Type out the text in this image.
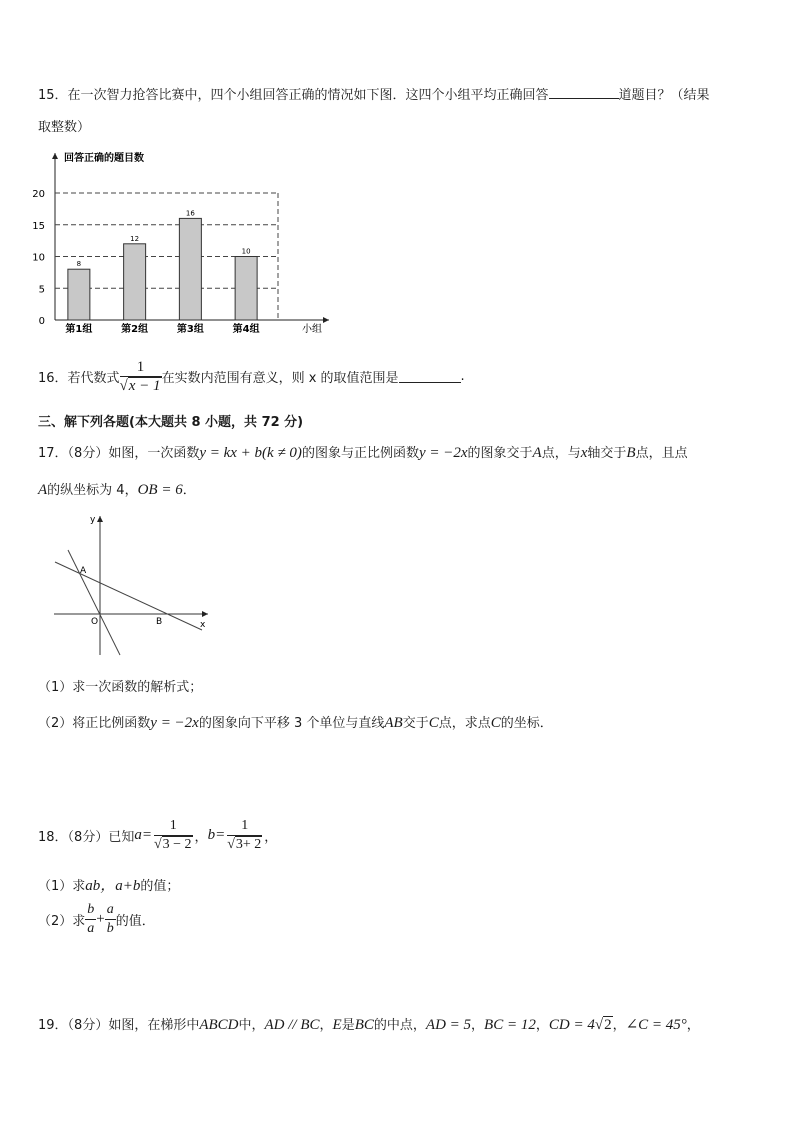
15．在一次智力抢答比赛中，四个小组回答正确的情况如下图．这四个小组平均正确回答	道题目？（结果
取整数）
回答正确的题目数
0
5
10
15
20
8
12
16
10
第1组	第2组	第3组	第4组	小组
16．若代数式 $\frac{1}{√x - 1}$ 在实数内范围有意义，则 x 的取值范围是	.
三、解下列各题(本大题共 8 小题，共 72 分)
17．（8分）如图，一次函数y = kx + b(k ≠ 0)的图象与正比例函数y = −2x的图象交于A点，与x轴交于B点，且点
A的纵坐标为 4，OB = 6．
y
x
A
O	B
（1）求一次函数的解析式；
（2）将正比例函数y = −2x的图象向下平移 3 个单位与直线AB交于C点，求点C的坐标．
18．（8分）已知 $a= \frac{1}{√3 - 2}$ ， $b= \frac{1}{√3+ 2}$ ，
（1）求ab，a+b的值；
（2）求 $\frac{b}{a} + \frac{a}{b}$ 的值．
19．（8分）如图，在梯形中ABCD中，AD // BC，E是BC的中点，AD = 5，BC = 12，CD = 4√2，∠C = 45°，
